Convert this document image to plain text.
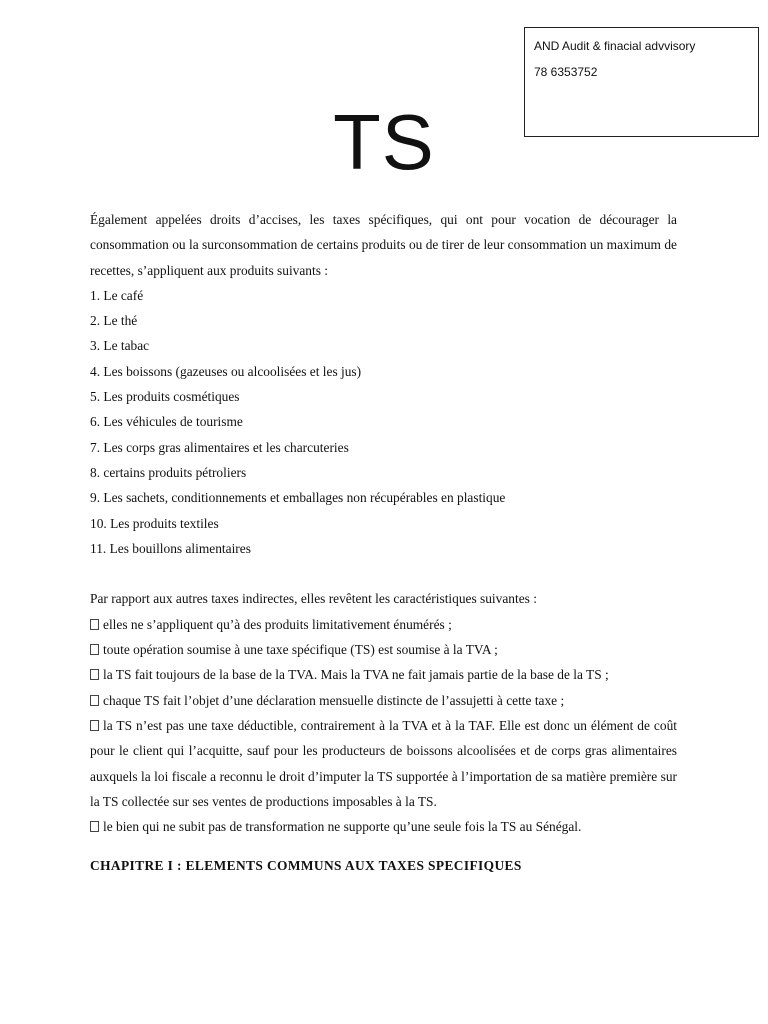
AND Audit & finacial advvisory
78 6353752
TS
Également appelées droits d’accises, les taxes spécifiques, qui ont pour vocation de décourager la consommation ou la surconsommation de certains produits ou de tirer de leur consommation un maximum de recettes, s’appliquent aux produits suivants :
1. Le café
2. Le thé
3. Le tabac
4. Les boissons (gazeuses ou alcoolisées et les jus)
5. Les produits cosmétiques
6. Les véhicules de tourisme
7. Les corps gras alimentaires et les charcuteries
8. certains produits pétroliers
9. Les sachets, conditionnements et emballages non récupérables en plastique
10. Les produits textiles
11. Les bouillons alimentaires
Par rapport aux autres taxes indirectes, elles revêtent les caractéristiques suivantes :
elles ne s’appliquent qu’à des produits limitativement énumérés ;
toute opération soumise à une taxe spécifique (TS) est soumise à la TVA ;
la TS fait toujours de la base de la TVA. Mais la TVA ne fait jamais partie de la base de la TS ;
chaque TS fait l’objet d’une déclaration mensuelle distincte de l’assujetti à cette taxe ;
la TS n’est pas une taxe déductible, contrairement à la TVA et à la TAF. Elle est donc un élément de coût pour le client qui l’acquitte, sauf pour les producteurs de boissons alcoolisées et de corps gras alimentaires auxquels la loi fiscale a reconnu le droit d’imputer la TS supportée à l’importation de sa matière première sur la TS collectée sur ses ventes de productions imposables à la TS.
le bien qui ne subit pas de transformation ne supporte qu’une seule fois la TS au Sénégal.
CHAPITRE I : ELEMENTS COMMUNS AUX TAXES SPECIFIQUES
